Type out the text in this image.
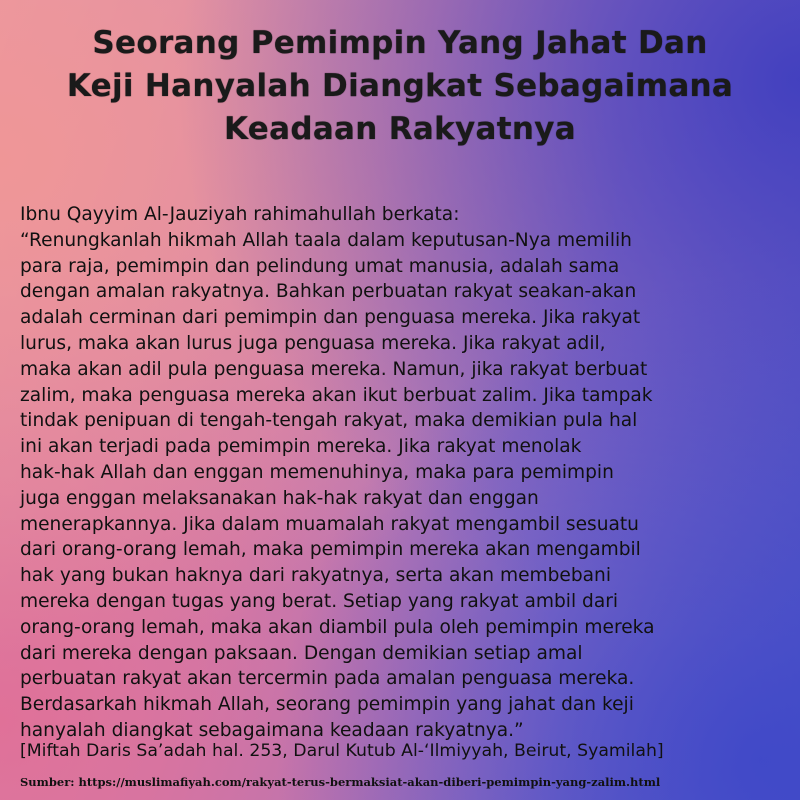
Seorang Pemimpin Yang Jahat Dan
Keji Hanyalah Diangkat Sebagaimana
Keadaan Rakyatnya
Ibnu Qayyim Al-Jauziyah rahimahullah berkata:
“Renungkanlah hikmah Allah taala dalam keputusan-Nya memilih
para raja, pemimpin dan pelindung umat manusia, adalah sama
dengan amalan rakyatnya. Bahkan perbuatan rakyat seakan-akan
adalah cerminan dari pemimpin dan penguasa mereka. Jika rakyat
lurus, maka akan lurus juga penguasa mereka. Jika rakyat adil,
maka akan adil pula penguasa mereka. Namun, jika rakyat berbuat
zalim, maka penguasa mereka akan ikut berbuat zalim. Jika tampak
tindak penipuan di tengah-tengah rakyat, maka demikian pula hal
ini akan terjadi pada pemimpin mereka. Jika rakyat menolak
hak-hak Allah dan enggan memenuhinya, maka para pemimpin
juga enggan melaksanakan hak-hak rakyat dan enggan
menerapkannya. Jika dalam muamalah rakyat mengambil sesuatu
dari orang-orang lemah, maka pemimpin mereka akan mengambil
hak yang bukan haknya dari rakyatnya, serta akan membebani
mereka dengan tugas yang berat. Setiap yang rakyat ambil dari
orang-orang lemah, maka akan diambil pula oleh pemimpin mereka
dari mereka dengan paksaan. Dengan demikian setiap amal
perbuatan rakyat akan tercermin pada amalan penguasa mereka.
Berdasarkah hikmah Allah, seorang pemimpin yang jahat dan keji
hanyalah diangkat sebagaimana keadaan rakyatnya.”
[Miftah Daris Sa’adah hal. 253, Darul Kutub Al-‘Ilmiyyah, Beirut, Syamilah]
Sumber: https://muslimafiyah.com/rakyat-terus-bermaksiat-akan-diberi-pemimpin-yang-zalim.html
